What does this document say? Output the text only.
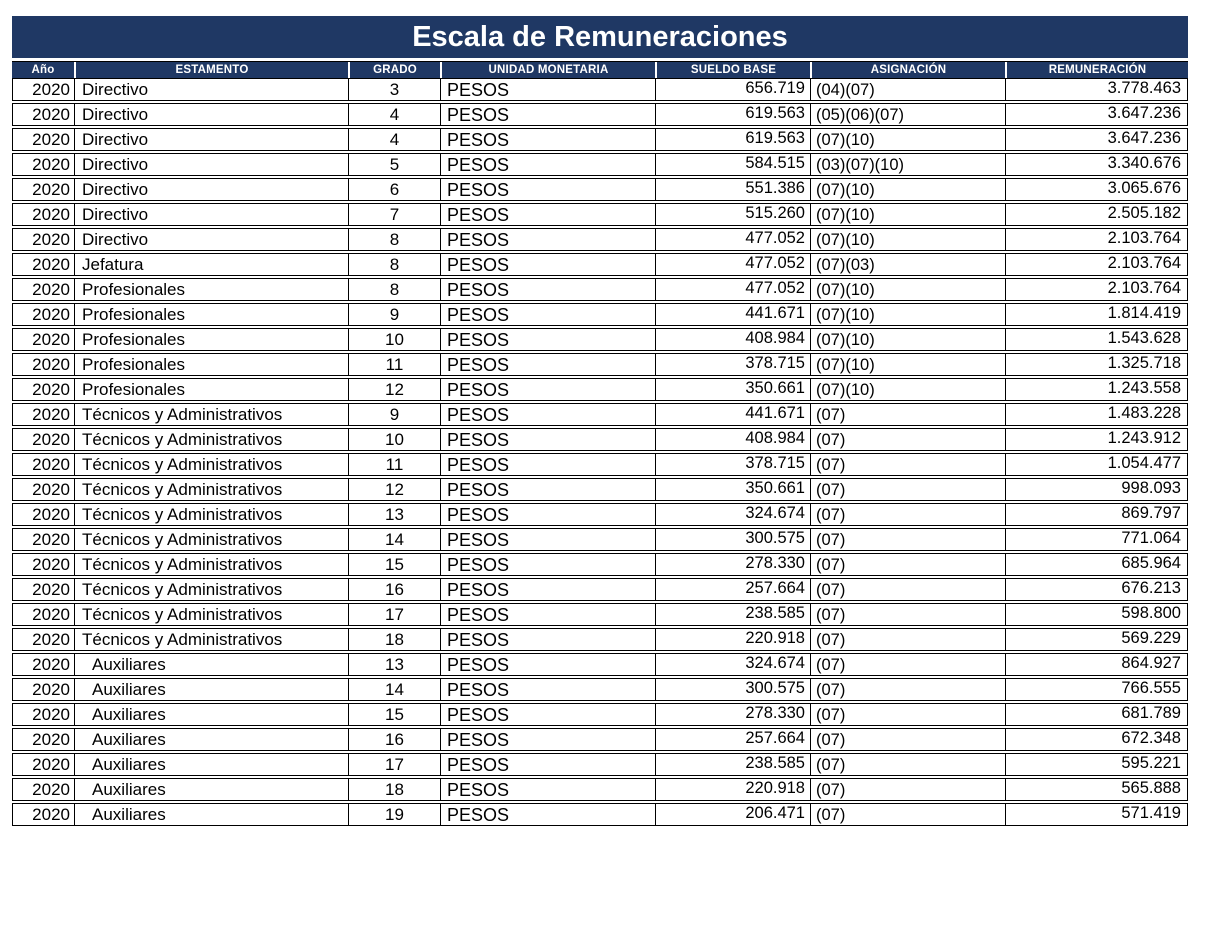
Escala de Remuneraciones
Año	ESTAMENTO	GRADO	UNIDAD MONETARIA	SUELDO BASE	ASIGNACIÓN	REMUNERACIÓN
2020 Directivo	3	PESOS	656.719 (04)(07)	3.778.463
2020 Directivo	4	PESOS	619.563 (05)(06)(07)	3.647.236
2020 Directivo	4	PESOS	619.563 (07)(10)	3.647.236
2020 Directivo	5	PESOS	584.515 (03)(07)(10)	3.340.676
2020 Directivo	6	PESOS	551.386 (07)(10)	3.065.676
2020 Directivo	7	PESOS	515.260 (07)(10)	2.505.182
2020 Directivo	8	PESOS	477.052 (07)(10)	2.103.764
2020 Jefatura	8	PESOS	477.052 (07)(03)	2.103.764
2020 Profesionales	8	PESOS	477.052 (07)(10)	2.103.764
2020 Profesionales	9	PESOS	441.671 (07)(10)	1.814.419
2020 Profesionales	10	PESOS	408.984 (07)(10)	1.543.628
2020 Profesionales	11	PESOS	378.715 (07)(10)	1.325.718
2020 Profesionales	12	PESOS	350.661 (07)(10)	1.243.558
2020 Técnicos y Administrativos	9	PESOS	441.671 (07)	1.483.228
2020 Técnicos y Administrativos	10	PESOS	408.984 (07)	1.243.912
2020 Técnicos y Administrativos	11	PESOS	378.715 (07)	1.054.477
2020 Técnicos y Administrativos	12	PESOS	350.661 (07)	998.093
2020 Técnicos y Administrativos	13	PESOS	324.674 (07)	869.797
2020 Técnicos y Administrativos	14	PESOS	300.575 (07)	771.064
2020 Técnicos y Administrativos	15	PESOS	278.330 (07)	685.964
2020 Técnicos y Administrativos	16	PESOS	257.664 (07)	676.213
2020 Técnicos y Administrativos	17	PESOS	238.585 (07)	598.800
2020 Técnicos y Administrativos	18	PESOS	220.918 (07)	569.229
2020	Auxiliares	13	PESOS	324.674 (07)	864.927
2020	Auxiliares	14	PESOS	300.575 (07)	766.555
2020	Auxiliares	15	PESOS	278.330 (07)	681.789
2020	Auxiliares	16	PESOS	257.664 (07)	672.348
2020	Auxiliares	17	PESOS	238.585 (07)	595.221
2020	Auxiliares	18	PESOS	220.918 (07)	565.888
2020	Auxiliares	19	PESOS	206.471 (07)	571.419
